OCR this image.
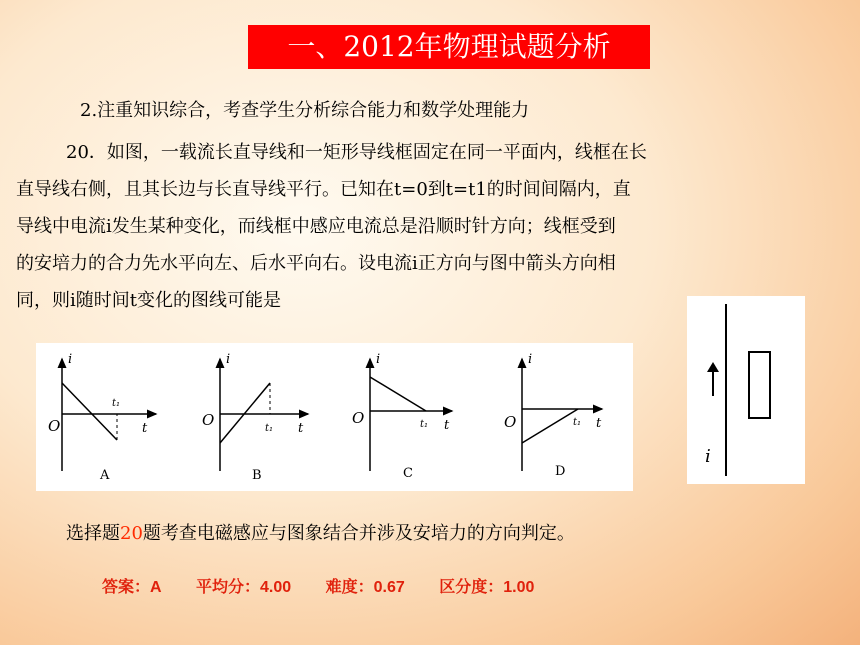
一、2012年物理试题分析
2.注重知识综合，考查学生分析综合能力和数学处理能力
20．如图，一载流长直导线和一矩形导线框固定在同一平面内，线框在长
直导线右侧，且其长边与长直导线平行。已知在t=0到t=t1的时间间隔内，直
导线中电流i发生某种变化，而线框中感应电流总是沿顺时针方向；线框受到
的安培力的合力先水平向左、后水平向右。设电流i正方向与图中箭头方向相
同，则i随时间t变化的图线可能是
i
O
t₁
t
A
i
O	t₁ t
B
i
O	t₁ t
C
i
O	t₁ t
D
i
选择题20题考查电磁感应与图象结合并涉及安培力的方向判定。
答案：A 平均分：4.00 难度：0.67 区分度：1.00
